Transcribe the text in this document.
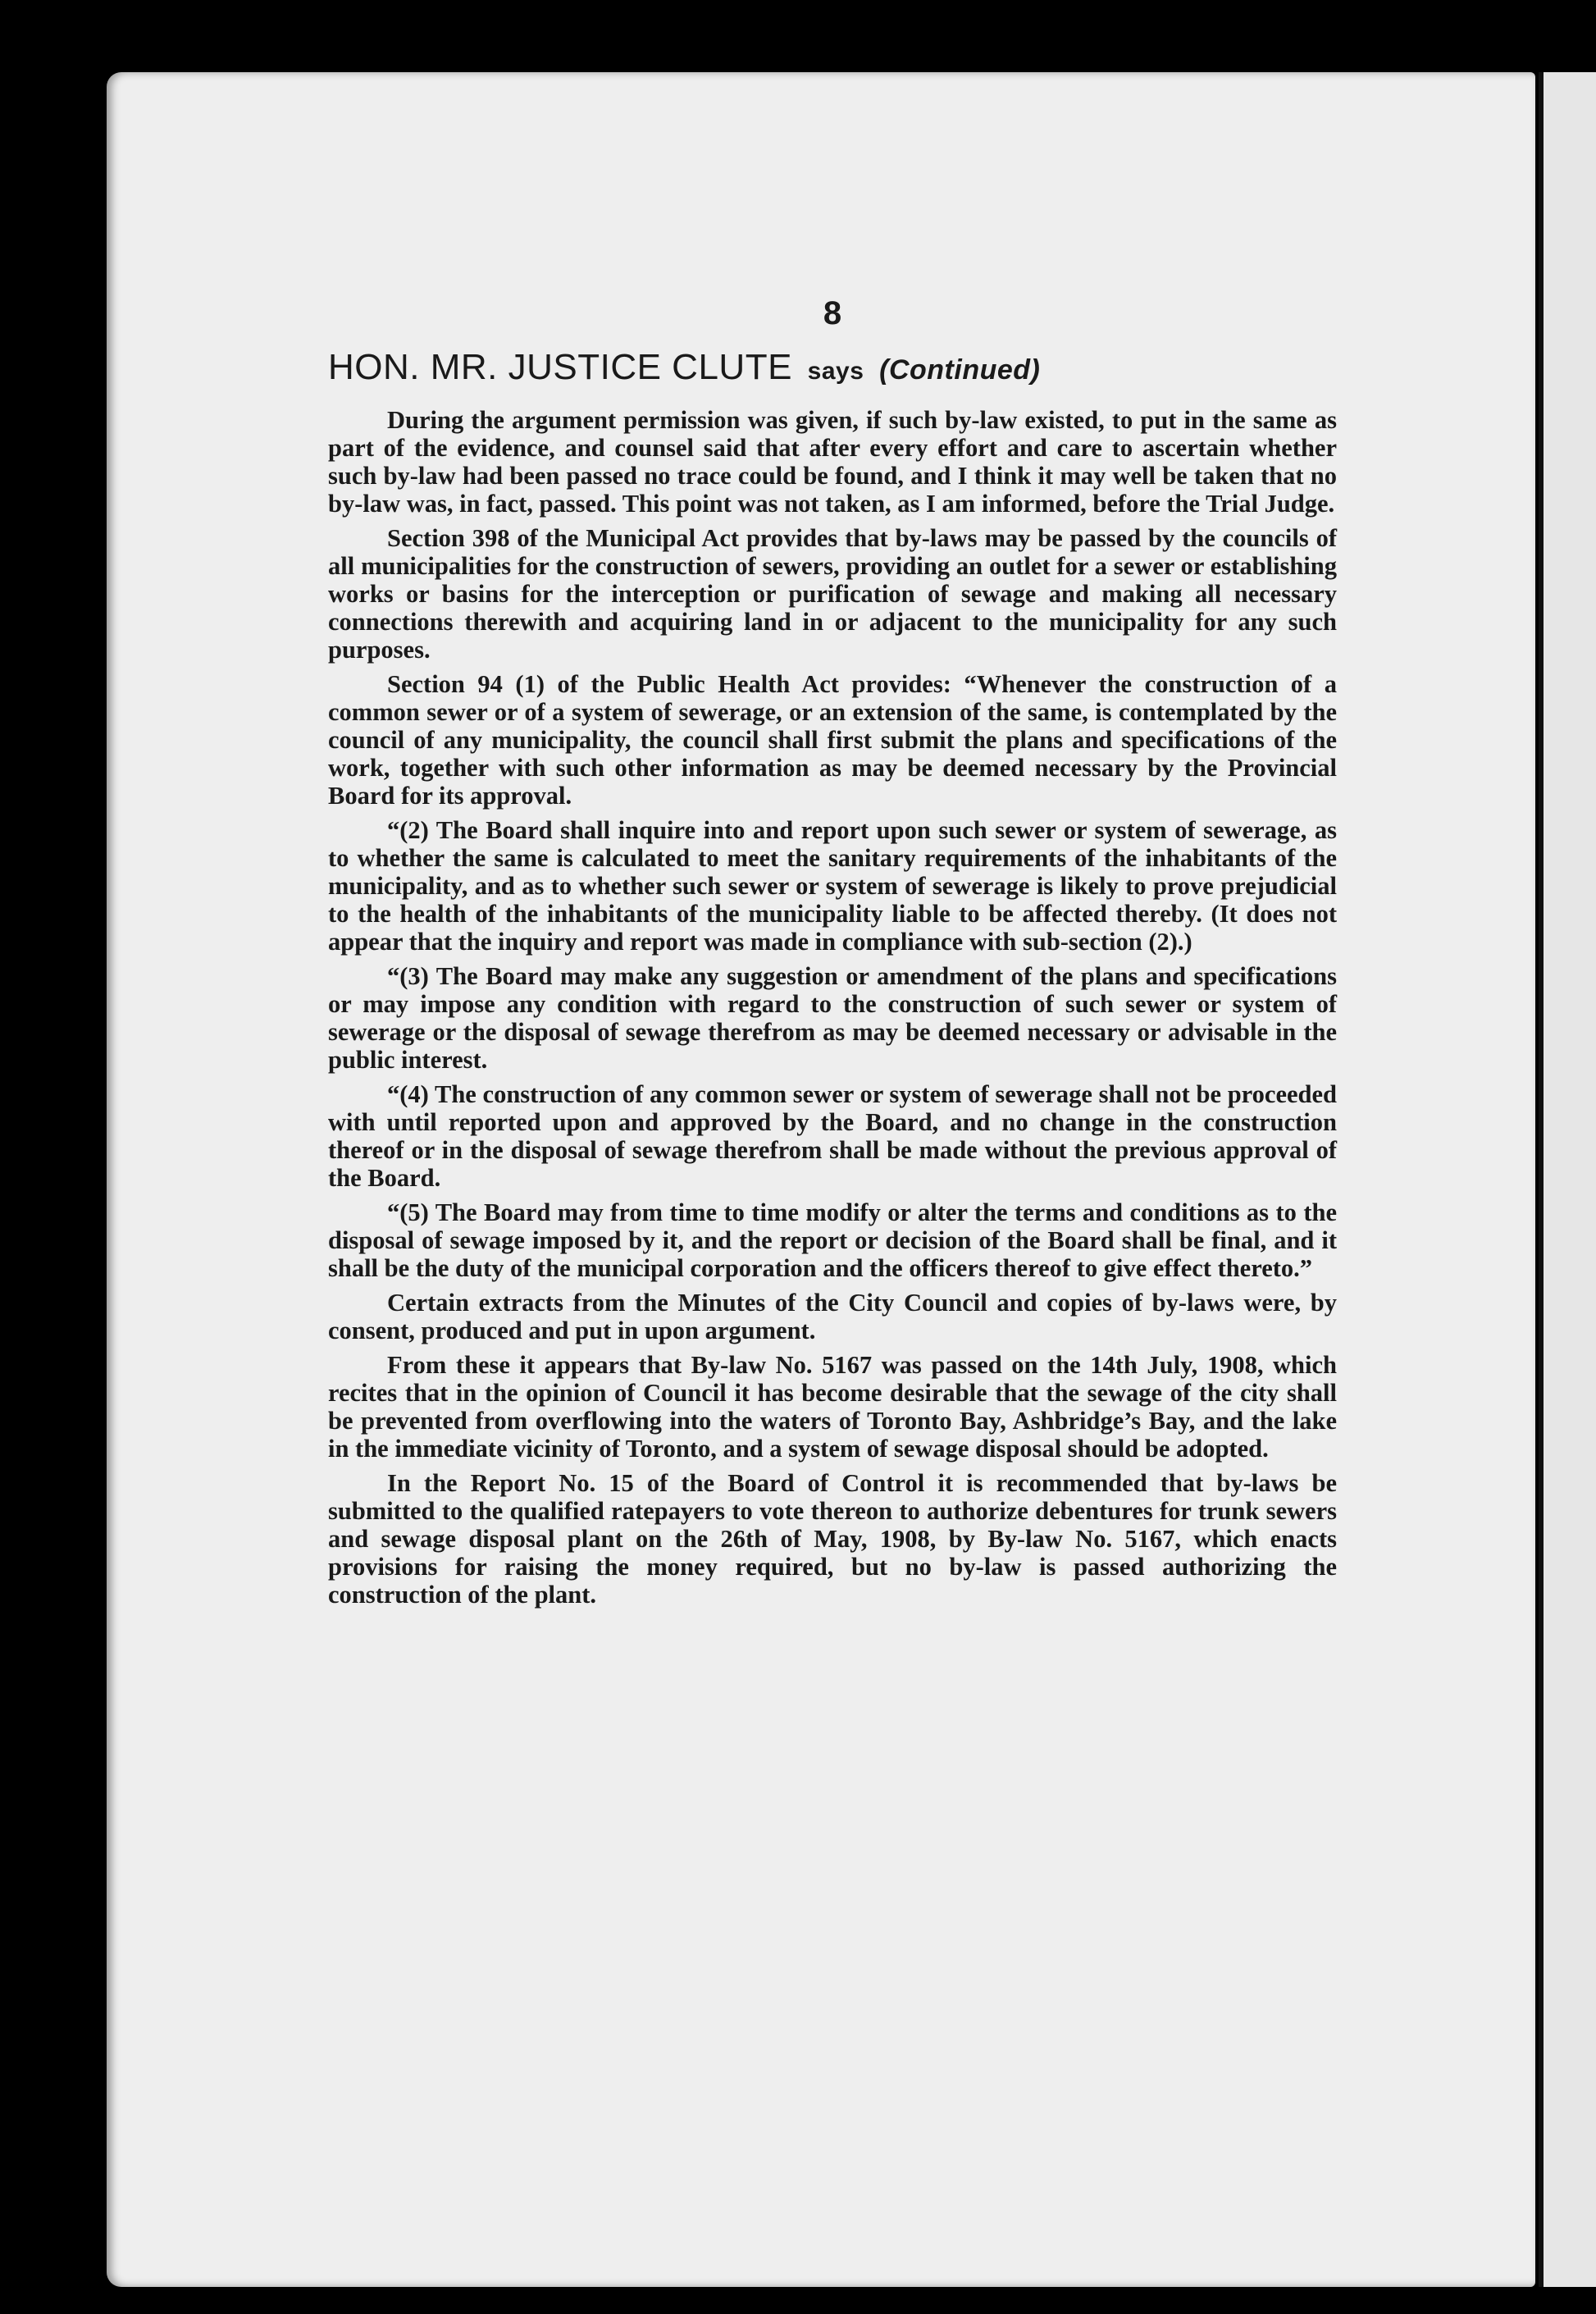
8
HON. MR. JUSTICE CLUTE says (Continued)

During the argument permission was given, if such by-law existed, to put in the same as part of the evidence, and counsel said that after every effort and care to ascertain whether such by-law had been passed no trace could be found, and I think it may well be taken that no by-law was, in fact, passed. This point was not taken, as I am informed, before the Trial Judge.

Section 398 of the Municipal Act provides that by-laws may be passed by the councils of all municipalities for the construction of sewers, providing an outlet for a sewer or establishing works or basins for the interception or purification of sewage and making all necessary connections therewith and acquiring land in or adjacent to the municipality for any such purposes.

Section 94 (1) of the Public Health Act provides: “Whenever the construction of a common sewer or of a system of sewerage, or an extension of the same, is contemplated by the council of any municipality, the council shall first submit the plans and specifications of the work, together with such other information as may be deemed necessary by the Provincial Board for its approval.

“(2) The Board shall inquire into and report upon such sewer or system of sewerage, as to whether the same is calculated to meet the sanitary requirements of the inhabitants of the municipality, and as to whether such sewer or system of sewerage is likely to prove prejudicial to the health of the inhabitants of the municipality liable to be affected thereby. (It does not appear that the inquiry and report was made in compliance with sub-section (2).)

“(3) The Board may make any suggestion or amendment of the plans and specifications or may impose any condition with regard to the construction of such sewer or system of sewerage or the disposal of sewage therefrom as may be deemed necessary or advisable in the public interest.

“(4) The construction of any common sewer or system of sewerage shall not be proceeded with until reported upon and approved by the Board, and no change in the construction thereof or in the disposal of sewage therefrom shall be made without the previous approval of the Board.

“(5) The Board may from time to time modify or alter the terms and conditions as to the disposal of sewage imposed by it, and the report or decision of the Board shall be final, and it shall be the duty of the municipal corporation and the officers thereof to give effect thereto.”

Certain extracts from the Minutes of the City Council and copies of by-laws were, by consent, produced and put in upon argument.

From these it appears that By-law No. 5167 was passed on the 14th July, 1908, which recites that in the opinion of Council it has become desirable that the sewage of the city shall be prevented from overflowing into the waters of Toronto Bay, Ashbridge’s Bay, and the lake in the immediate vicinity of Toronto, and a system of sewage disposal should be adopted.

In the Report No. 15 of the Board of Control it is recommended that by-laws be submitted to the qualified ratepayers to vote thereon to authorize debentures for trunk sewers and sewage disposal plant on the 26th of May, 1908, by By-law No. 5167, which enacts provisions for raising the money required, but no by-law is passed authorizing the construction of the plant.
